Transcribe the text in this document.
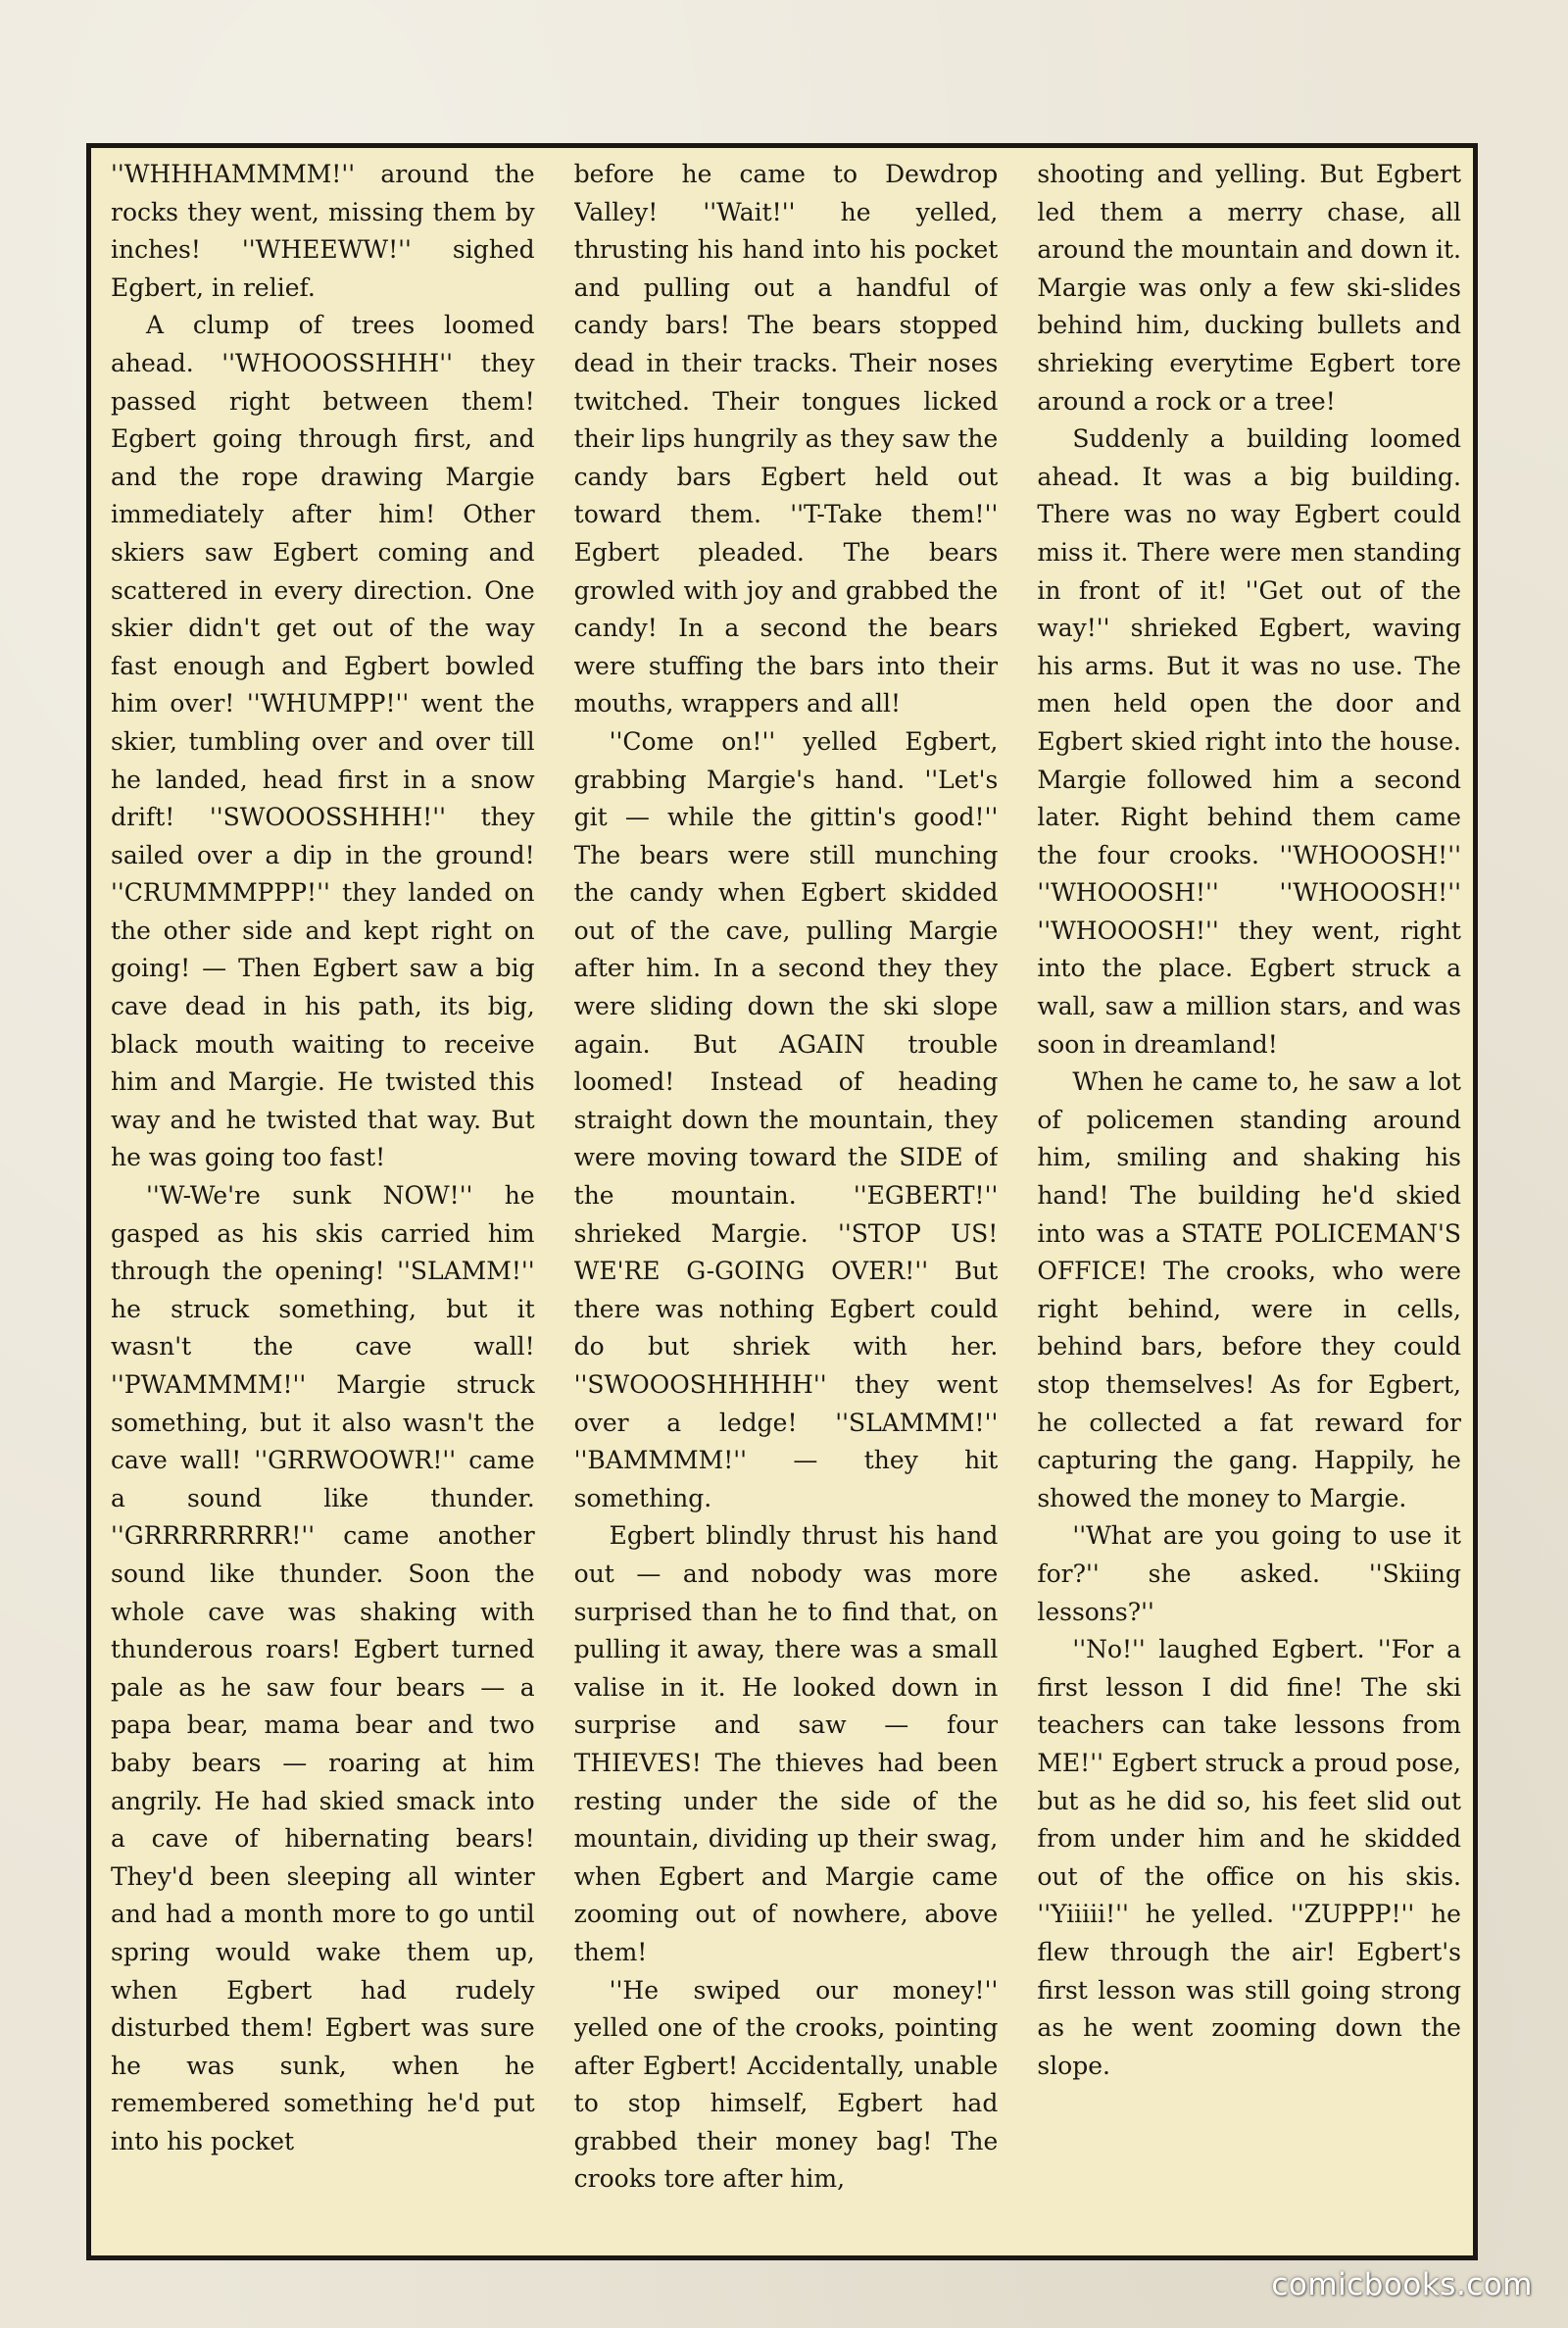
''WHHHAMMMM!'' around the rocks they went, missing them by inches! ''WHEEWW!'' sighed Egbert, in relief.

A clump of trees loomed ahead. ''WHOOOSSHHH'' they passed right between them! Egbert going through first, and and the rope drawing Margie immediately after him! Other skiers saw Egbert coming and scattered in every direction. One skier didn't get out of the way fast enough and Egbert bowled him over! ''WHUMPP!'' went the skier, tumbling over and over till he landed, head first in a snow drift! ''SWOOOSSHHH!'' they sailed over a dip in the ground! ''CRUMMMPPP!'' they landed on the other side and kept right on going! — Then Egbert saw a big cave dead in his path, its big, black mouth waiting to receive him and Margie. He twisted this way and he twisted that way. But he was going too fast!

''W-We're sunk NOW!'' he gasped as his skis carried him through the opening! ''SLAMM!'' he struck something, but it wasn't the cave wall! ''PWAMMMM!'' Margie struck something, but it also wasn't the cave wall! ''GRRWOOWR!'' came a sound like thunder. ''GRRRRRRRR!'' came another sound like thunder. Soon the whole cave was shaking with thunderous roars! Egbert turned pale as he saw four bears — a papa bear, mama bear and two baby bears — roaring at him angrily. He had skied smack into a cave of hibernating bears! They'd been sleeping all winter and had a month more to go until spring would wake them up, when Egbert had rudely disturbed them! Egbert was sure he was sunk, when he remembered something he'd put into his pocket

before he came to Dewdrop Valley! ''Wait!'' he yelled, thrusting his hand into his pocket and pulling out a handful of candy bars! The bears stopped dead in their tracks. Their noses twitched. Their tongues licked their lips hungrily as they saw the candy bars Egbert held out toward them. ''T-Take them!'' Egbert pleaded. The bears growled with joy and grabbed the candy! In a second the bears were stuffing the bars into their mouths, wrappers and all!

''Come on!'' yelled Egbert, grabbing Margie's hand. ''Let's git — while the gittin's good!'' The bears were still munching the candy when Egbert skidded out of the cave, pulling Margie after him. In a second they they were sliding down the ski slope again. But AGAIN trouble loomed! Instead of heading straight down the mountain, they were moving toward the SIDE of the mountain. ''EGBERT!'' shrieked Margie. ''STOP US! WE'RE G-GOING OVER!'' But there was nothing Egbert could do but shriek with her. ''SWOOOSHHHHH'' they went over a ledge! ''SLAMMM!'' ''BAMMMM!'' — they hit something.

Egbert blindly thrust his hand out — and nobody was more surprised than he to find that, on pulling it away, there was a small valise in it. He looked down in surprise and saw — four THIEVES! The thieves had been resting under the side of the mountain, dividing up their swag, when Egbert and Margie came zooming out of nowhere, above them!

''He swiped our money!'' yelled one of the crooks, pointing after Egbert! Accidentally, unable to stop himself, Egbert had grabbed their money bag! The crooks tore after him,

shooting and yelling. But Egbert led them a merry chase, all around the mountain and down it. Margie was only a few ski-slides behind him, ducking bullets and shrieking everytime Egbert tore around a rock or a tree!

Suddenly a building loomed ahead. It was a big building. There was no way Egbert could miss it. There were men standing in front of it! ''Get out of the way!'' shrieked Egbert, waving his arms. But it was no use. The men held open the door and Egbert skied right into the house. Margie followed him a second later. Right behind them came the four crooks. ''WHOOOSH!'' ''WHOOOSH!'' ''WHOOOSH!'' ''WHOOOSH!'' they went, right into the place. Egbert struck a wall, saw a million stars, and was soon in dreamland!

When he came to, he saw a lot of policemen standing around him, smiling and shaking his hand! The building he'd skied into was a STATE POLICEMAN'S OFFICE! The crooks, who were right behind, were in cells, behind bars, before they could stop themselves! As for Egbert, he collected a fat reward for capturing the gang. Happily, he showed the money to Margie.

''What are you going to use it for?'' she asked. ''Skiing lessons?''

''No!'' laughed Egbert. ''For a first lesson I did fine! The ski teachers can take lessons from ME!'' Egbert struck a proud pose, but as he did so, his feet slid out from under him and he skidded out of the office on his skis. ''Yiiiii!'' he yelled. ''ZUPPP!'' he flew through the air! Egbert's first lesson was still going strong as he went zooming down the slope.

comicbooks.com
